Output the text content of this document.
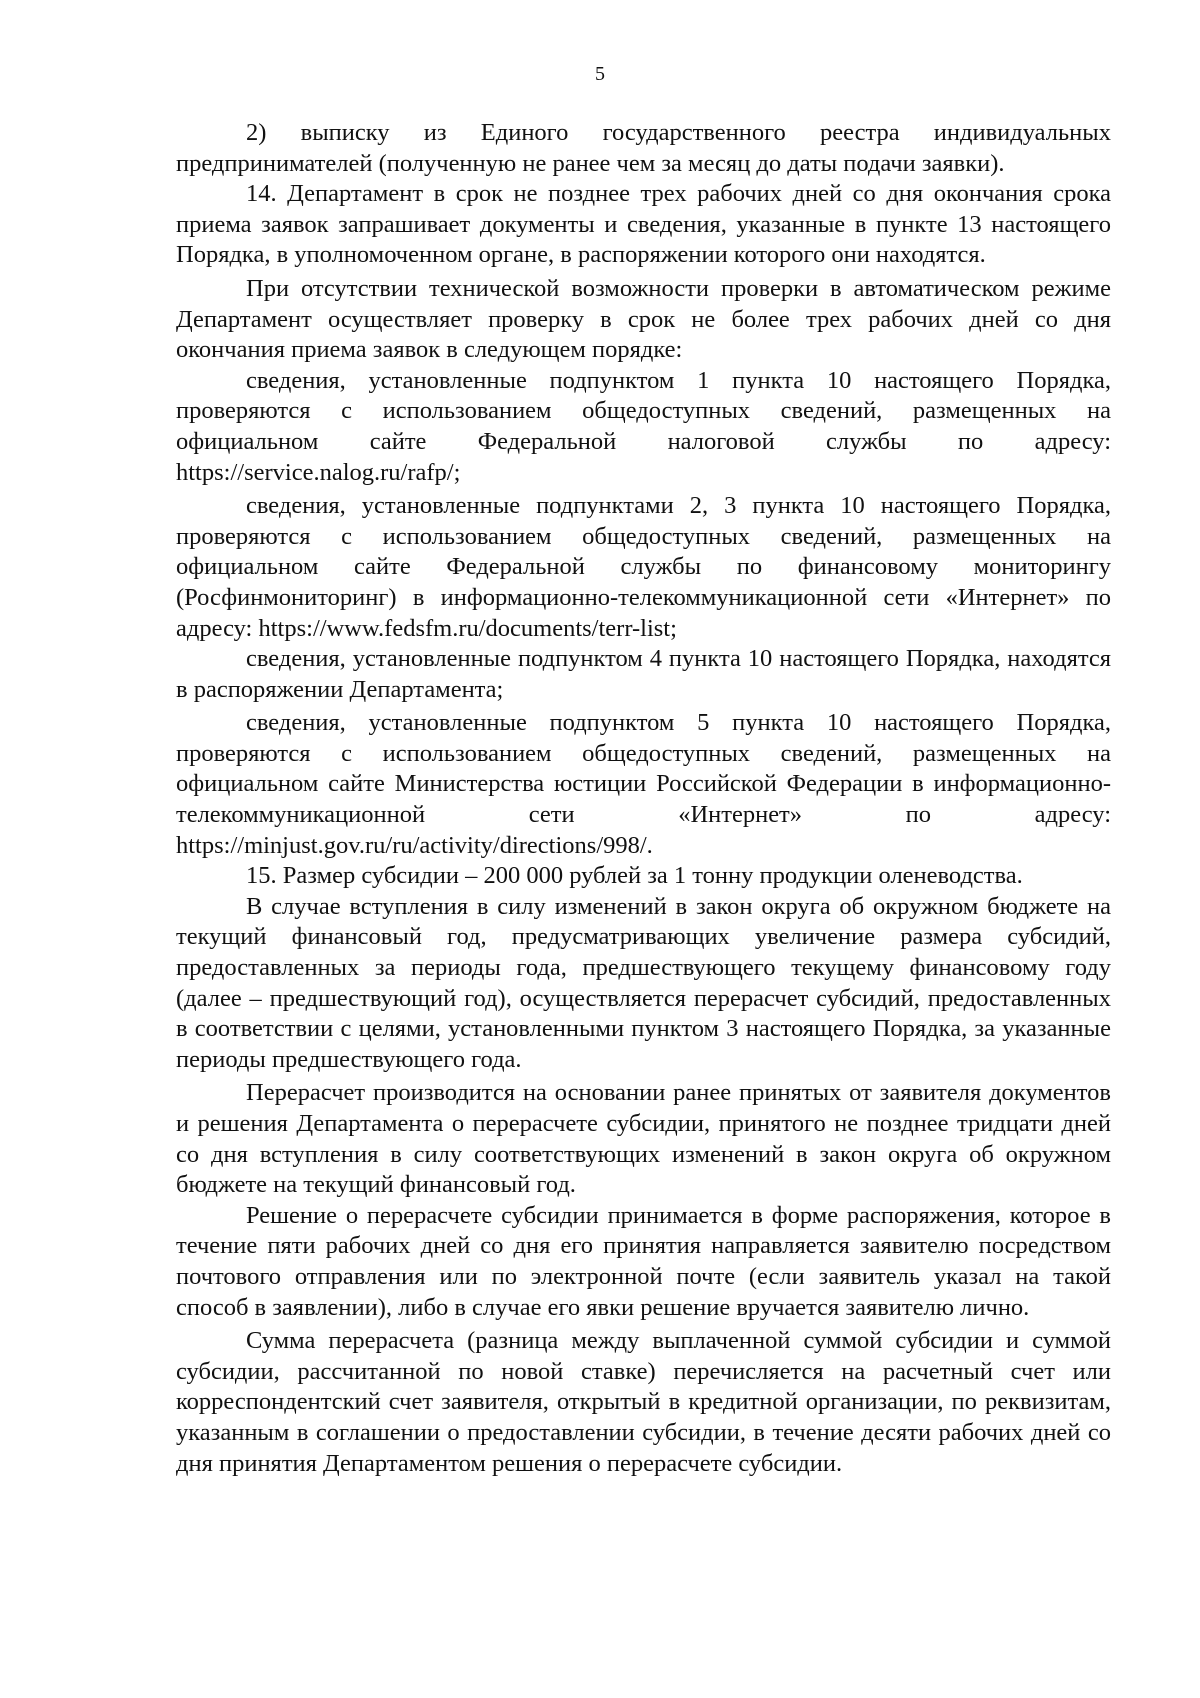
5

2) выписку из Единого государственного реестра индивидуальных предпринимателей (полученную не ранее чем за месяц до даты подачи заявки).

14. Департамент в срок не позднее трех рабочих дней со дня окончания срока приема заявок запрашивает документы и сведения, указанные в пункте 13 настоящего Порядка, в уполномоченном органе, в распоряжении которого они находятся.

При отсутствии технической возможности проверки в автоматическом режиме Департамент осуществляет проверку в срок не более трех рабочих дней со дня окончания приема заявок в следующем порядке:

сведения, установленные подпунктом 1 пункта 10 настоящего Порядка, проверяются с использованием общедоступных сведений, размещенных на официальном сайте Федеральной налоговой службы по адресу: https://service.nalog.ru/rafp/;

сведения, установленные подпунктами 2, 3 пункта 10 настоящего Порядка, проверяются с использованием общедоступных сведений, размещенных на официальном сайте Федеральной службы по финансовому мониторингу (Росфинмониторинг) в информационно-телекоммуникационной сети «Интернет» по адресу: https://www.fedsfm.ru/documents/terr-list;

сведения, установленные подпунктом 4 пункта 10 настоящего Порядка, находятся в распоряжении Департамента;

сведения, установленные подпунктом 5 пункта 10 настоящего Порядка, проверяются с использованием общедоступных сведений, размещенных на официальном сайте Министерства юстиции Российской Федерации в информационно-телекоммуникационной сети «Интернет» по адресу: https://minjust.gov.ru/ru/activity/directions/998/.

15. Размер субсидии – 200 000 рублей за 1 тонну продукции оленеводства.

В случае вступления в силу изменений в закон округа об окружном бюджете на текущий финансовый год, предусматривающих увеличение размера субсидий, предоставленных за периоды года, предшествующего текущему финансовому году (далее – предшествующий год), осуществляется перерасчет субсидий, предоставленных в соответствии с целями, установленными пунктом 3 настоящего Порядка, за указанные периоды предшествующего года.

Перерасчет производится на основании ранее принятых от заявителя документов и решения Департамента о перерасчете субсидии, принятого не позднее тридцати дней со дня вступления в силу соответствующих изменений в закон округа об окружном бюджете на текущий финансовый год.

Решение о перерасчете субсидии принимается в форме распоряжения, которое в течение пяти рабочих дней со дня его принятия направляется заявителю посредством почтового отправления или по электронной почте (если заявитель указал на такой способ в заявлении), либо в случае его явки решение вручается заявителю лично.

Сумма перерасчета (разница между выплаченной суммой субсидии и суммой субсидии, рассчитанной по новой ставке) перечисляется на расчетный счет или корреспондентский счет заявителя, открытый в кредитной организации, по реквизитам, указанным в соглашении о предоставлении субсидии, в течение десяти рабочих дней со дня принятия Департаментом решения о перерасчете субсидии.
